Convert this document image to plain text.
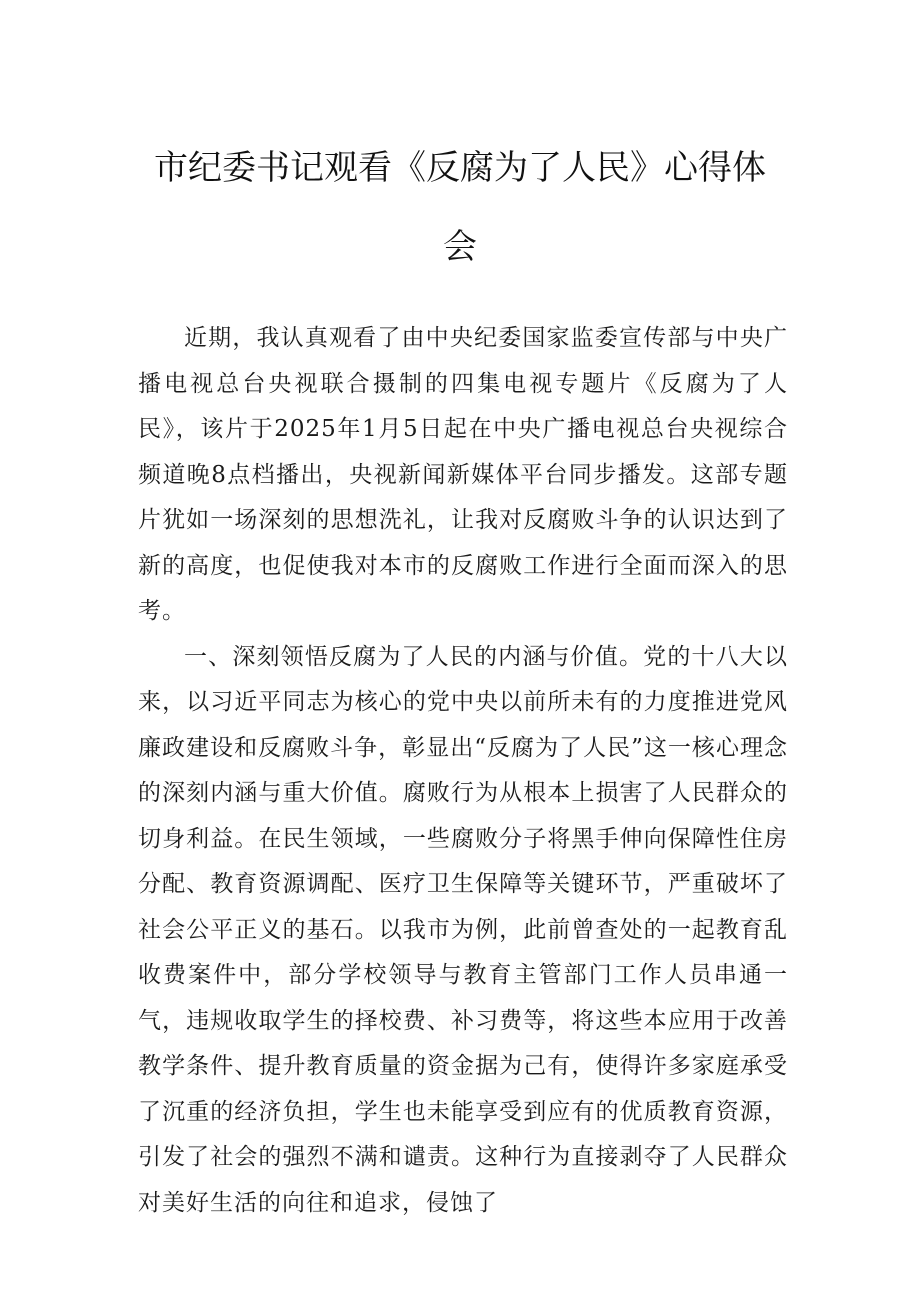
市纪委书记观看《反腐为了人民》心得体
会

近期，我认真观看了由中央纪委国家监委宣传部与中央广播电视总台央视联合摄制的四集电视专题片《反腐为了人民》，该片于2025年1月5日起在中央广播电视总台央视综合频道晚8点档播出，央视新闻新媒体平台同步播发。这部专题片犹如一场深刻的思想洗礼，让我对反腐败斗争的认识达到了新的高度，也促使我对本市的反腐败工作进行全面而深入的思考。

一、深刻领悟反腐为了人民的内涵与价值。党的十八大以来，以习近平同志为核心的党中央以前所未有的力度推进党风廉政建设和反腐败斗争，彰显出“反腐为了人民”这一核心理念的深刻内涵与重大价值。腐败行为从根本上损害了人民群众的切身利益。在民生领域，一些腐败分子将黑手伸向保障性住房分配、教育资源调配、医疗卫生保障等关键环节，严重破坏了社会公平正义的基石。以我市为例，此前曾查处的一起教育乱收费案件中，部分学校领导与教育主管部门工作人员串通一气，违规收取学生的择校费、补习费等，将这些本应用于改善教学条件、提升教育质量的资金据为己有，使得许多家庭承受了沉重的经济负担，学生也未能享受到应有的优质教育资源，引发了社会的强烈不满和谴责。这种行为直接剥夺了人民群众对美好生活的向往和追求，侵蚀了
